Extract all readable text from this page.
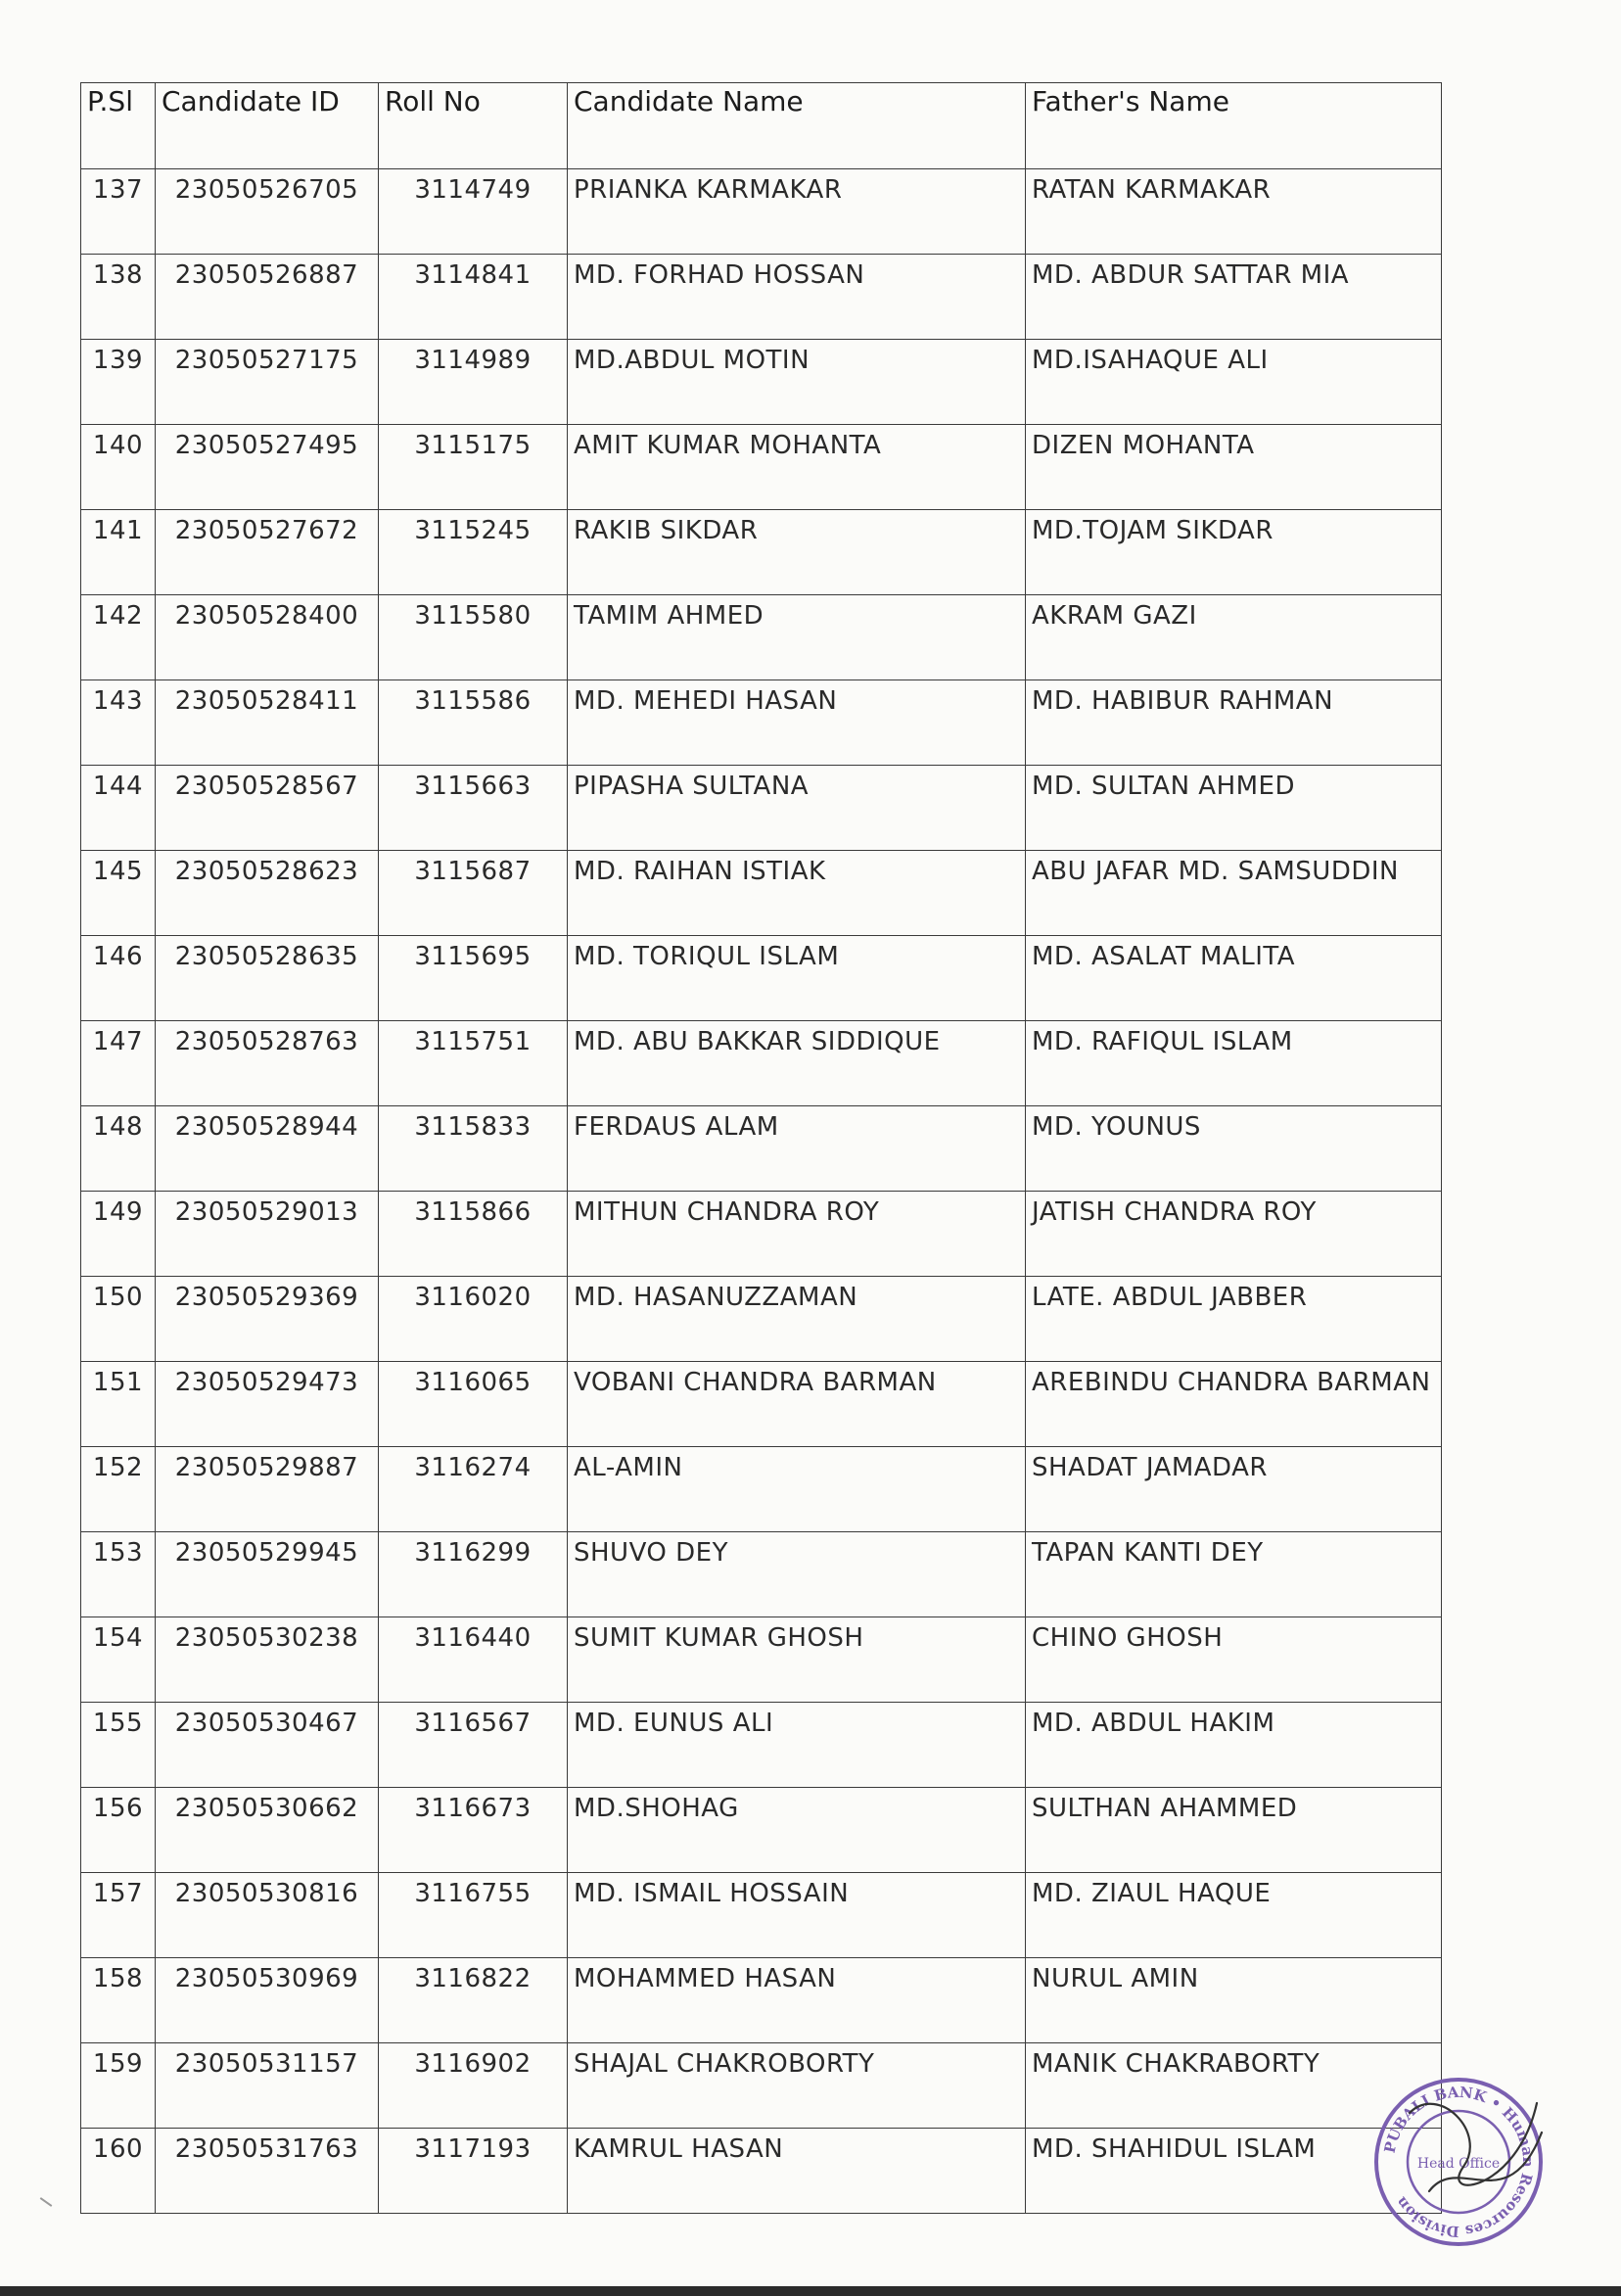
P.Sl	Candidate ID	Roll No	Candidate Name	Father's Name
137	23050526705	3114749	PRIANKA KARMAKAR	RATAN KARMAKAR
138	23050526887	3114841	MD. FORHAD HOSSAN	MD. ABDUR SATTAR MIA
139	23050527175	3114989	MD.ABDUL MOTIN	MD.ISAHAQUE ALI
140	23050527495	3115175	AMIT KUMAR MOHANTA	DIZEN MOHANTA
141	23050527672	3115245	RAKIB SIKDAR	MD.TOJAM SIKDAR
142	23050528400	3115580	TAMIM AHMED	AKRAM GAZI
143	23050528411	3115586	MD. MEHEDI HASAN	MD. HABIBUR RAHMAN
144	23050528567	3115663	PIPASHA SULTANA	MD. SULTAN AHMED
145	23050528623	3115687	MD. RAIHAN ISTIAK	ABU JAFAR MD. SAMSUDDIN
146	23050528635	3115695	MD. TORIQUL ISLAM	MD. ASALAT MALITA
147	23050528763	3115751	MD. ABU BAKKAR SIDDIQUE	MD. RAFIQUL ISLAM
148	23050528944	3115833	FERDAUS ALAM	MD. YOUNUS
149	23050529013	3115866	MITHUN CHANDRA ROY	JATISH CHANDRA ROY
150	23050529369	3116020	MD. HASANUZZAMAN	LATE. ABDUL JABBER
151	23050529473	3116065	VOBANI CHANDRA BARMAN	AREBINDU CHANDRA BARMAN
152	23050529887	3116274	AL-AMIN	SHADAT JAMADAR
153	23050529945	3116299	SHUVO DEY	TAPAN KANTI DEY
154	23050530238	3116440	SUMIT KUMAR GHOSH	CHINO GHOSH
155	23050530467	3116567	MD. EUNUS ALI	MD. ABDUL HAKIM
156	23050530662	3116673	MD.SHOHAG	SULTHAN AHAMMED
157	23050530816	3116755	MD. ISMAIL HOSSAIN	MD. ZIAUL HAQUE
158	23050530969	3116822	MOHAMMED HASAN	NURUL AMIN
159	23050531157	3116902	SHAJAL CHAKROBORTY	MANIK CHAKRABORTY
160	23050531763	3117193	KAMRUL HASAN	MD. SHAHIDUL ISLAM	PUBALI BANK • Human Resources Division
Head Office
